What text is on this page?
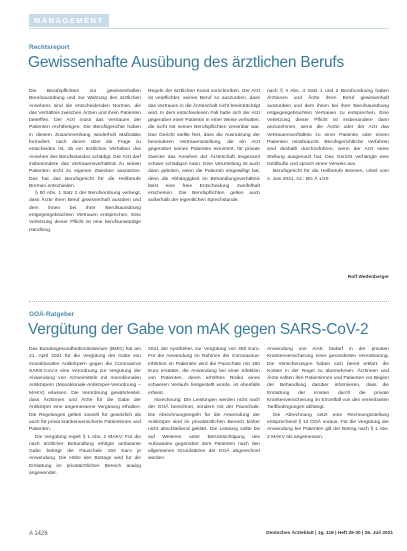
MANAGEMENT
Rechtsreport
Gewissenhafte Ausübung des ärztlichen Berufs

Die Berufspflichten zur gewissenhaften Berufsausübung und zur Wahrung des ärztlichen Ansehens sind die entscheidenden Normen, die das Verhältnis zwischen Ärzten und ihren Patienten betreffen. Der Arzt muss das Vertrauen der Patienten rechtfertigen. Die Berufsgerichte haben in diesem Zusammenhang wiederholt Maßstäbe formuliert, nach denen über die Frage zu entscheiden ist, ob ein ärztliches Verhalten das Ansehen des Berufsstandes schädigt. Der Arzt darf insbesondere das Vertrauensverhältnis zu seinen Patienten nicht zu eigenen Zwecken ausnutzen. Das hat das Berufsgericht für die Heilberufe Bremen entschieden.

§ 50 Abs. 1 Satz 2 der Berufsordnung verlangt, dass Ärzte ihren Beruf gewissenhaft ausüben und dem ihnen bei ihrer Berufsausübung entgegengebrachten Vertrauen entsprechen. Eine Verletzung dieser Pflicht ist eine berufsunwürdige Handlung.

Regeln der ärztlichen Kunst vorschreiben. Der Arzt ist verpflichtet, seinen Beruf so auszuüben, dass das Vertrauen in die Ärzteschaft nicht beeinträchtigt wird. In dem entschiedenen Fall hatte sich der Arzt gegenüber einer Patientin in einer Weise verhalten, die nicht mit seinen Berufspflichten vereinbar war. Das Gericht stellte fest, dass die Ausnutzung der besonderen Vertrauensstellung, die ein Arzt gegenüber seinen Patienten einnimmt, für private Zwecke das Ansehen der Ärzteschaft insgesamt schwer schädigen kann. Eine Verurteilung ist auch dann geboten, wenn die Patientin eingewilligt hat, denn die Abhängigkeit im Behandlungsverhältnis lässt eine freie Entscheidung zweifelhaft erscheinen. Die Berufspflichten gelten auch außerhalb der eigentlichen Sprechstunde.

nach § 4 Abs. 3 Satz 1 und 2 Berufsordnung haben Ärztinnen und Ärzte ihren Beruf gewissenhaft auszuüben und dem ihnen bei ihrer Berufsausübung entgegengebrachten Vertrauen zu entsprechen. Eine Verletzung dieser Pflicht ist insbesondere dann anzunehmen, wenn die Ärztin oder der Arzt das Vertrauensverhältnis zu einer Patientin oder einem Patienten missbraucht. Berufsgerichtliche Verfahren sind deshalb durchzuführen, wenn der Arzt seine Stellung ausgenutzt hat. Das Gericht verhängte eine Geldbuße und sprach einen Verweis aus.

Berufsgericht für die Heilberufe Bremen, Urteil vom 4. Juni 2021, Az.: BG Ä 1/20

Rolf Wedenberger
GOÄ-Ratgeber
Vergütung der Gabe von mAK gegen SARS-CoV-2

Das Bundesgesundheitsministerium (BMG) hat am 21. April 2021 für die Vergütung der Gabe von monoklonalen Antikörpern gegen die Coronavirus SARS-CoV-2 eine Verordnung zur Vergütung der Anwendung von Arzneimitteln mit monoklonalen Antikörpern (Monoklonale-Antikörper-Verordnung – MAKV) erlassen. Die Verordnung gewährleistet, dass Ärztinnen und Ärzte für die Gabe der Antikörper eine angemessene Vergütung erhalten. Die Regelungen gelten sowohl für gesetzlich als auch für privat krankenversicherte Patientinnen und Patienten.

Die Vergütung regelt § 1 Abs. 2 MAKV: Für die nach ärztlicher Behandlung erfolgte ambulante Gabe beträgt die Pauschale 150 Euro je Anwendung. Die Höhe des Betrags wird für die Erstattung im privatärztlichen Bereich analog angewendet.

2021 der Apotheker, zur Vergütung von 450 Euro. Für die Anwendung im Rahmen der Coronavirus-Infektion im Patienten wird die Pauschale mit 150 Euro erstattet, die Anwendung bei einer Infektion von Patienten, deren erhöhtes Risiko eines schweren Verlaufs festgestellt wurde, ist ebenfalls erfasst.

Abrechnung: Die Leistungen werden nicht nach der GOÄ berechnet, sondern mit der Pauschale. Die Abrechnungsregeln für die Anwendung der Antikörper sind im privatärztlichen Bereich bisher nicht abschließend geklärt. Die Leistung sollte bis auf Weiteres unter Berücksichtigung des Aufwandes gegenüber dem Patienten nach den allgemeinen Grundsätzen der GOÄ abgerechnet werden.

Anwendung von mAK bedarf in der privaten Krankenversicherung einer gesonderten Vereinbarung. Die Versicherungen haben sich bereit erklärt, die Kosten in der Regel zu übernehmen. Ärztinnen und Ärzte sollten ihre Patientinnen und Patienten vor Beginn der Behandlung darüber informieren, dass die Erstattung der Kosten durch die private Krankenversicherung im Einzelfall von den vereinbarten Tarifbedingungen abhängt.

Die Abrechnung setzt eine Rechnungsstellung entsprechend § 12 GOÄ voraus. Für die Vergütung der Anwendung bei Patienten gilt der Betrag nach § 1 Abs. 2 MAKV als angemessen.

A 1426	Deutsches Ärzteblatt | Jg. 118 | Heft 29-30 | 26. Juli 2021
